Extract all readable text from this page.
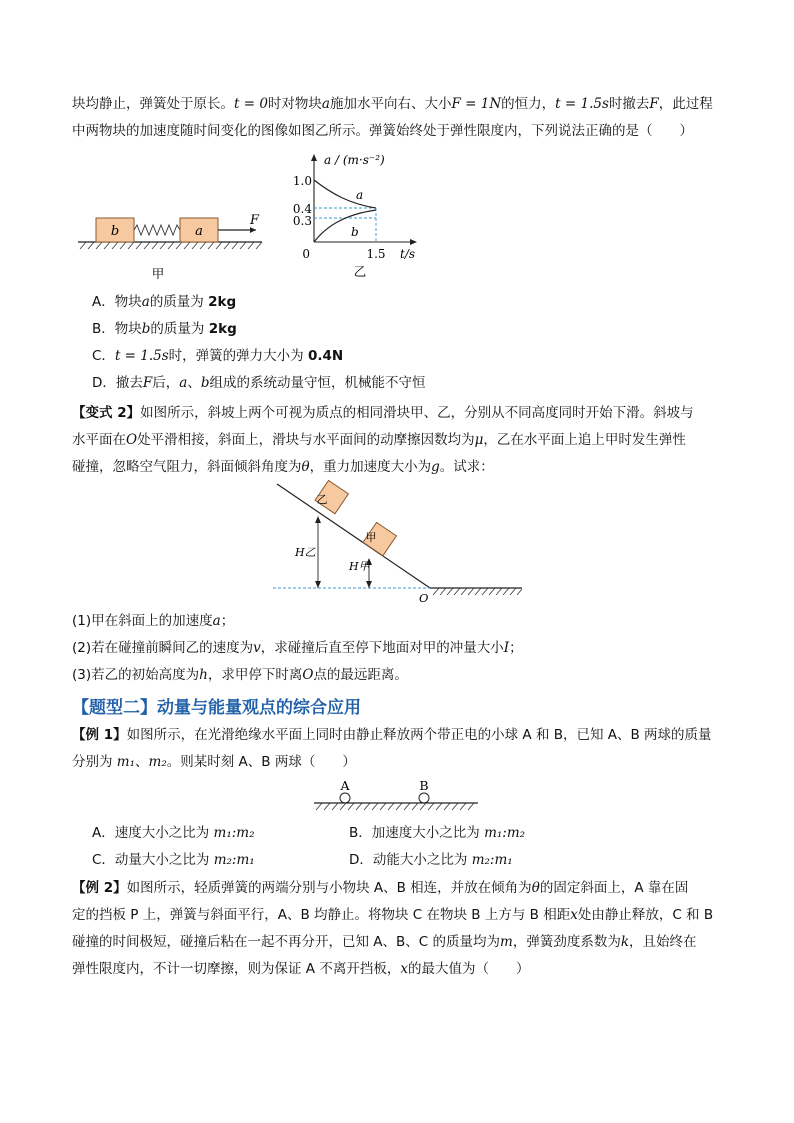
块均静止，弹簧处于原长。t = 0时对物块a施加水平向右、大小F = 1N的恒力，t = 1.5s时撤去F，此过程
中两物块的加速度随时间变化的图像如图乙所示。弹簧始终处于弹性限度内，下列说法正确的是（　　）
b	a
F
甲
a / (m·s⁻²)
t/s
0
1.0
0.4
0.3
1.5
a
b
乙
A．物块a的质量为 2kg
B．物块b的质量为 2kg
C．t = 1.5s时，弹簧的弹力大小为 0.4N
D．撤去F后，a、b组成的系统动量守恒，机械能不守恒
【变式 2】如图所示，斜坡上两个可视为质点的相同滑块甲、乙，分别从不同高度同时开始下滑。斜坡与
水平面在O处平滑相接，斜面上，滑块与水平面间的动摩擦因数均为μ，乙在水平面上追上甲时发生弹性
碰撞，忽略空气阻力，斜面倾斜角度为θ，重力加速度大小为g。试求：
乙
甲
H乙
H甲
O
(1)甲在斜面上的加速度a；
(2)若在碰撞前瞬间乙的速度为v，求碰撞后直至停下地面对甲的冲量大小I；
(3)若乙的初始高度为h，求甲停下时离O点的最远距离。
【题型二】动量与能量观点的综合应用
【例 1】如图所示，在光滑绝缘水平面上同时由静止释放两个带正电的小球 A 和 B，已知 A、B 两球的质量
分别为 m₁、m₂。则某时刻 A、B 两球（　　）
A	B
A．速度大小之比为 m₁:m₂	B．加速度大小之比为 m₁:m₂
C．动量大小之比为 m₂:m₁	D．动能大小之比为 m₂:m₁
【例 2】如图所示，轻质弹簧的两端分别与小物块 A、B 相连，并放在倾角为θ的固定斜面上，A 靠在固
定的挡板 P 上，弹簧与斜面平行，A、B 均静止。将物块 C 在物块 B 上方与 B 相距x处由静止释放，C 和 B
碰撞的时间极短，碰撞后粘在一起不再分开，已知 A、B、C 的质量均为m，弹簧劲度系数为k，且始终在
弹性限度内，不计一切摩擦，则为保证 A 不离开挡板，x的最大值为（　　）
